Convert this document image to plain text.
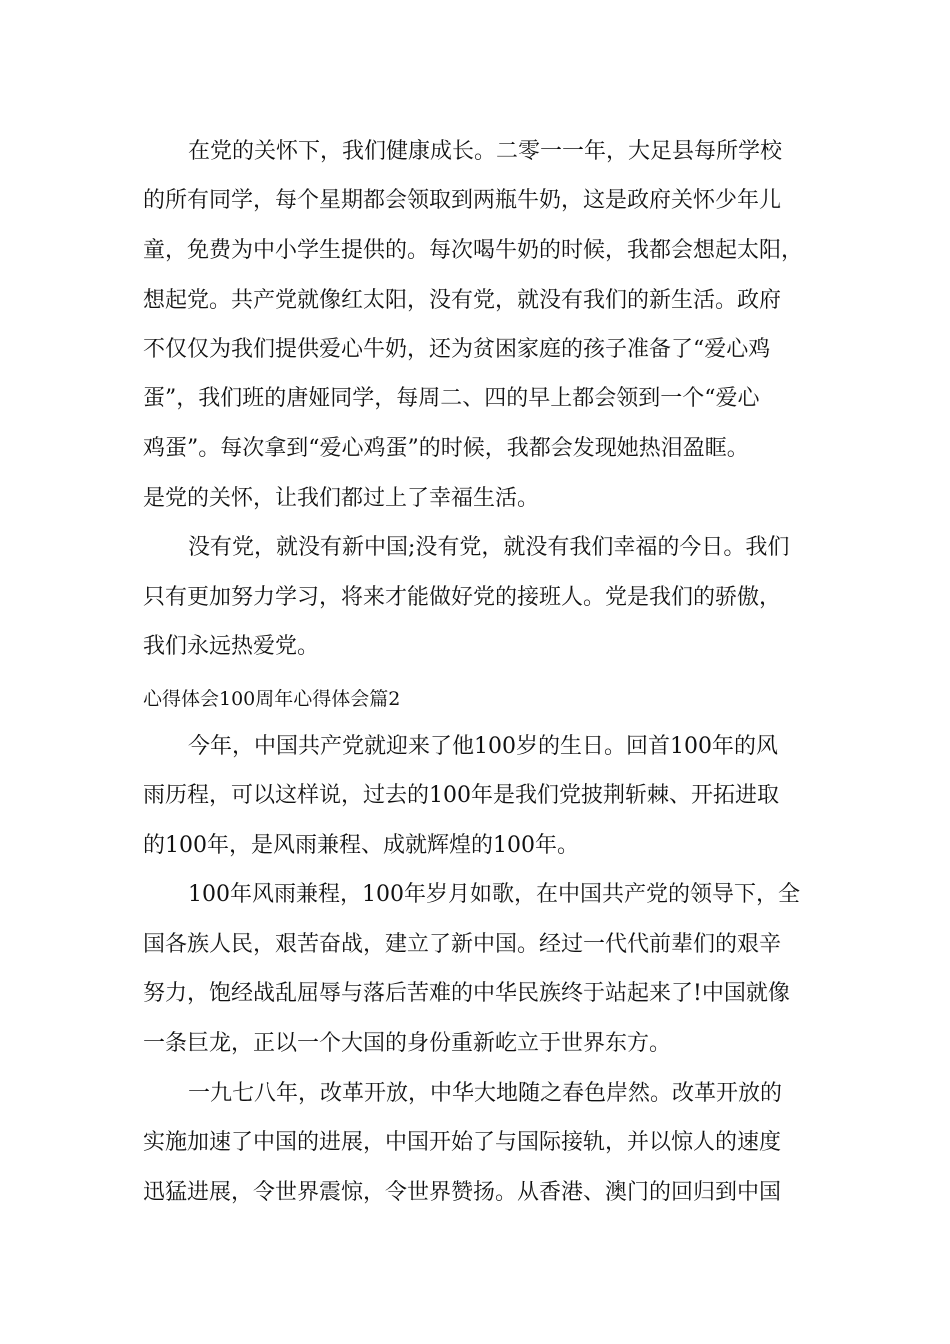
在党的关怀下，我们健康成长。二零一一年，大足县每所学校

的所有同学，每个星期都会领取到两瓶牛奶，这是政府关怀少年儿

童，免费为中小学生提供的。每次喝牛奶的时候，我都会想起太阳，

想起党。共产党就像红太阳，没有党，就没有我们的新生活。政府

不仅仅为我们提供爱心牛奶，还为贫困家庭的孩子准备了“爱心鸡

蛋”，我们班的唐娅同学，每周二、四的早上都会领到一个“爱心

鸡蛋”。每次拿到“爱心鸡蛋”的时候，我都会发现她热泪盈眶。

是党的关怀，让我们都过上了幸福生活。

没有党，就没有新中国;没有党，就没有我们幸福的今日。我们

只有更加努力学习，将来才能做好党的接班人。党是我们的骄傲，

我们永远热爱党。

心得体会100周年心得体会篇2

今年，中国共产党就迎来了他100岁的生日。回首100年的风

雨历程，可以这样说，过去的100年是我们党披荆斩棘、开拓进取

的100年，是风雨兼程、成就辉煌的100年。

100年风雨兼程，100年岁月如歌，在中国共产党的领导下，全

国各族人民，艰苦奋战，建立了新中国。经过一代代前辈们的艰辛

努力，饱经战乱屈辱与落后苦难的中华民族终于站起来了!中国就像

一条巨龙，正以一个大国的身份重新屹立于世界东方。

一九七八年，改革开放，中华大地随之春色岸然。改革开放的

实施加速了中国的进展，中国开始了与国际接轨，并以惊人的速度

迅猛进展，令世界震惊，令世界赞扬。从香港、澳门的回归到中国
